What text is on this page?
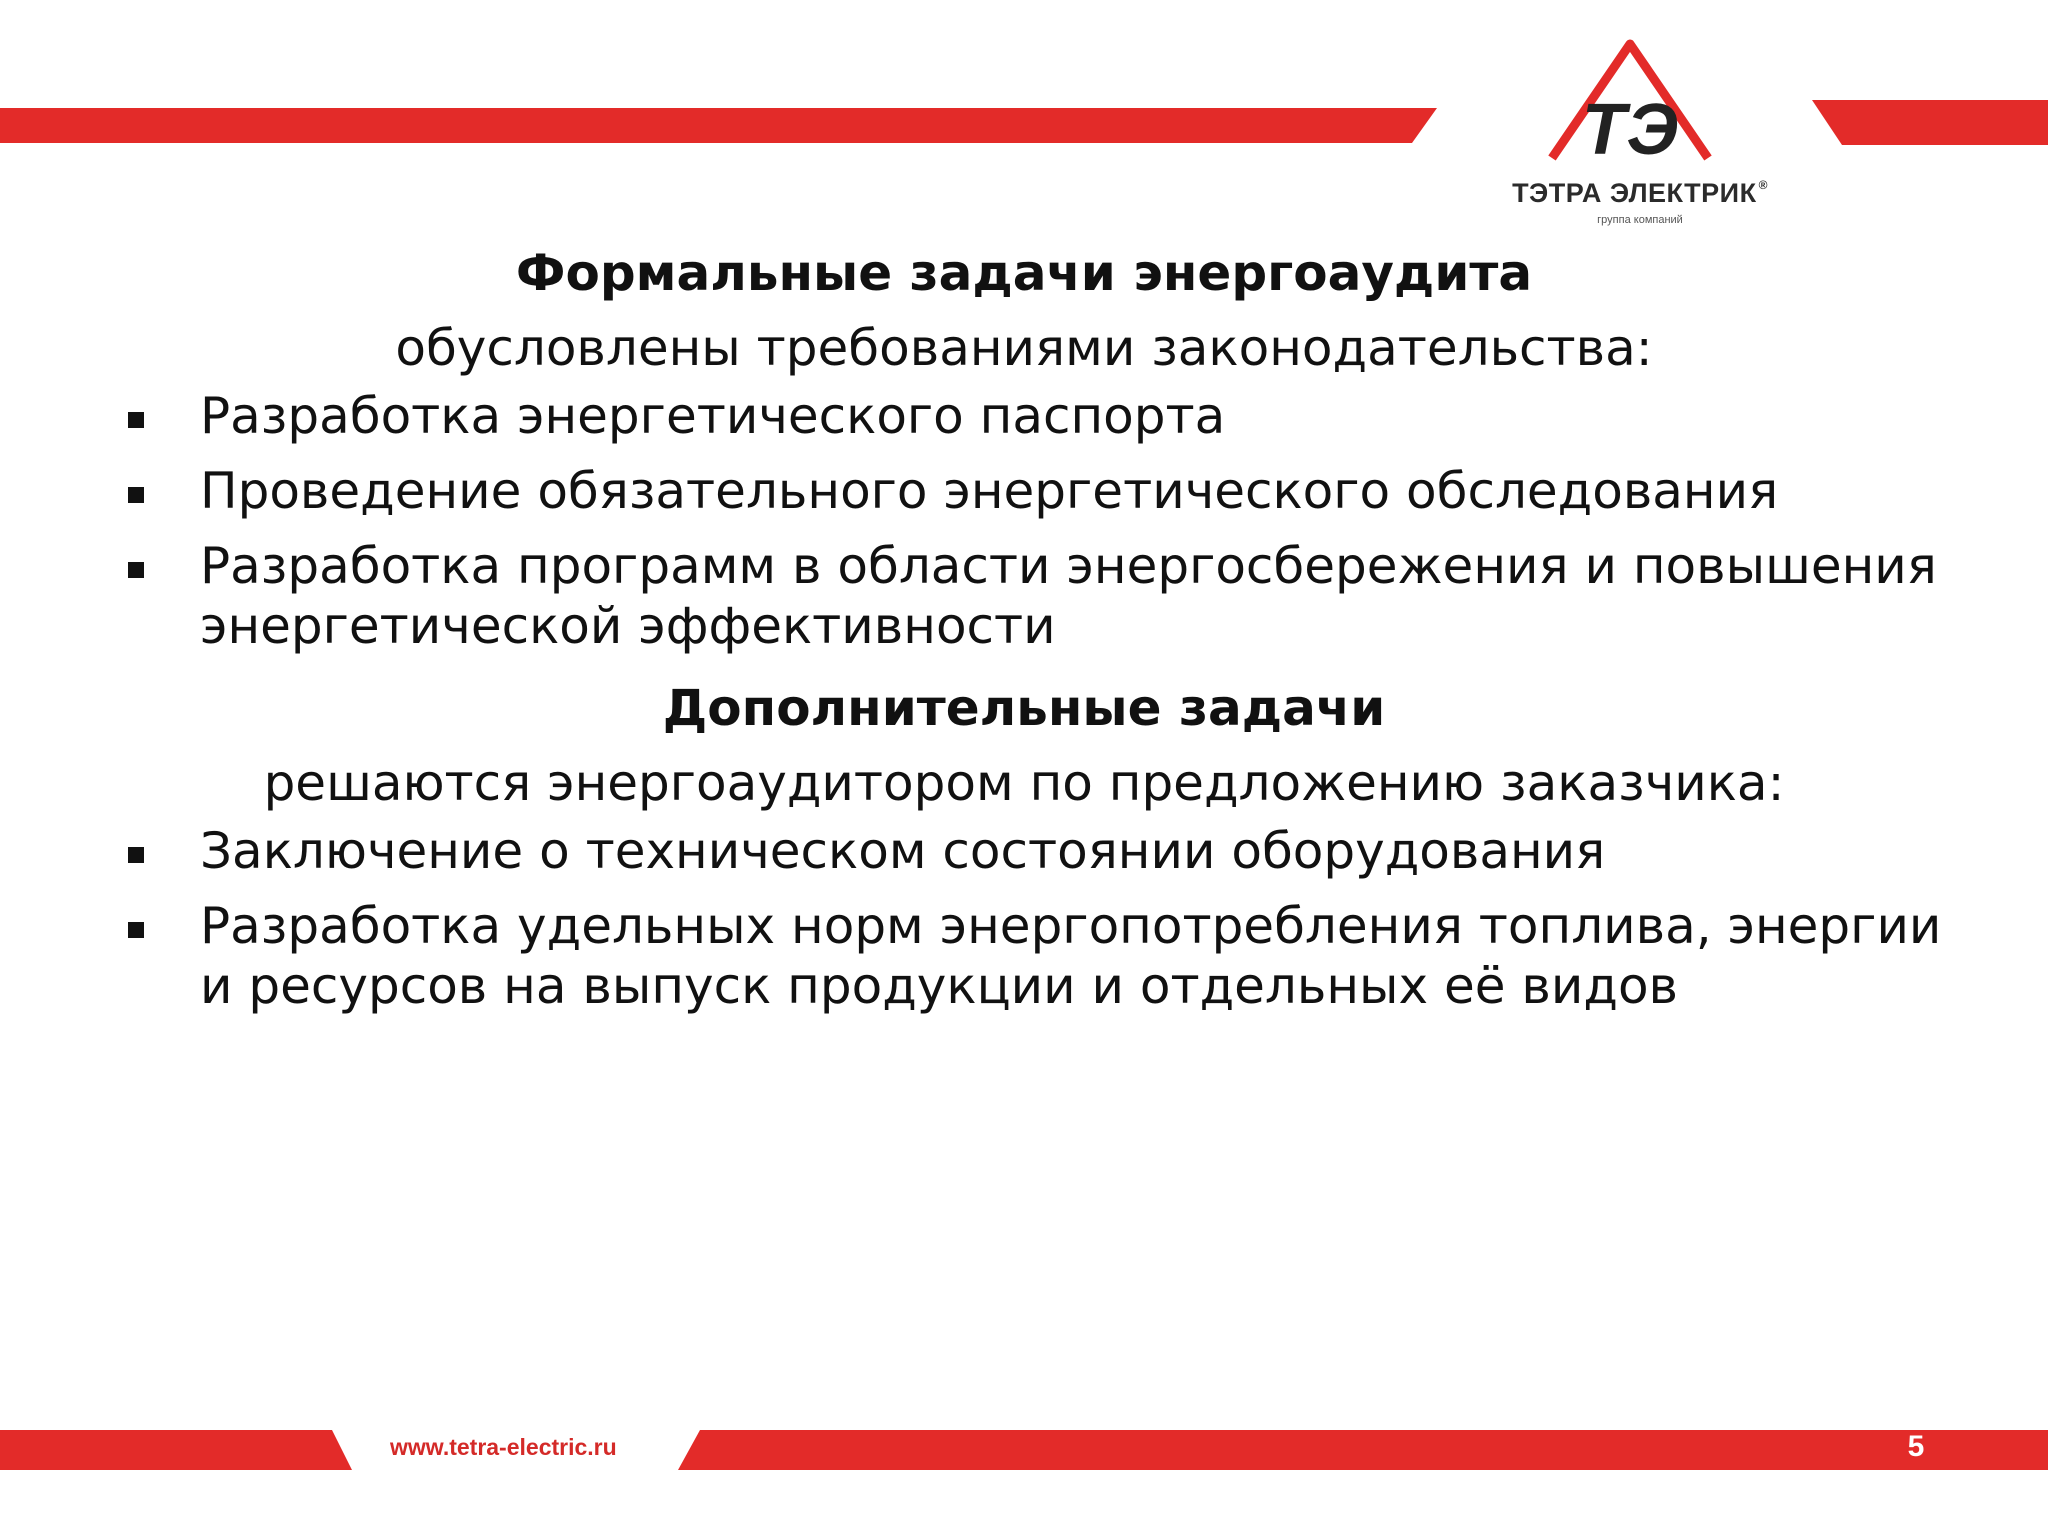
ТЭ
ТЭТРА ЭЛЕКТРИК ®
группа компаний

Формальные задачи энергоаудита

обусловлены требованиями законодательства:

Разработка энергетического паспорта
Проведение обязательного энергетического обследования
Разработка программ в области энергосбережения и повышения энергетической эффективности

Дополнительные задачи

решаются энергоаудитором по предложению заказчика:

Заключение о техническом состоянии оборудования
Разработка удельных норм энергопотребления топлива, энергии и ресурсов на выпуск продукции и отдельных её видов
www.tetra-electric.ru	5
